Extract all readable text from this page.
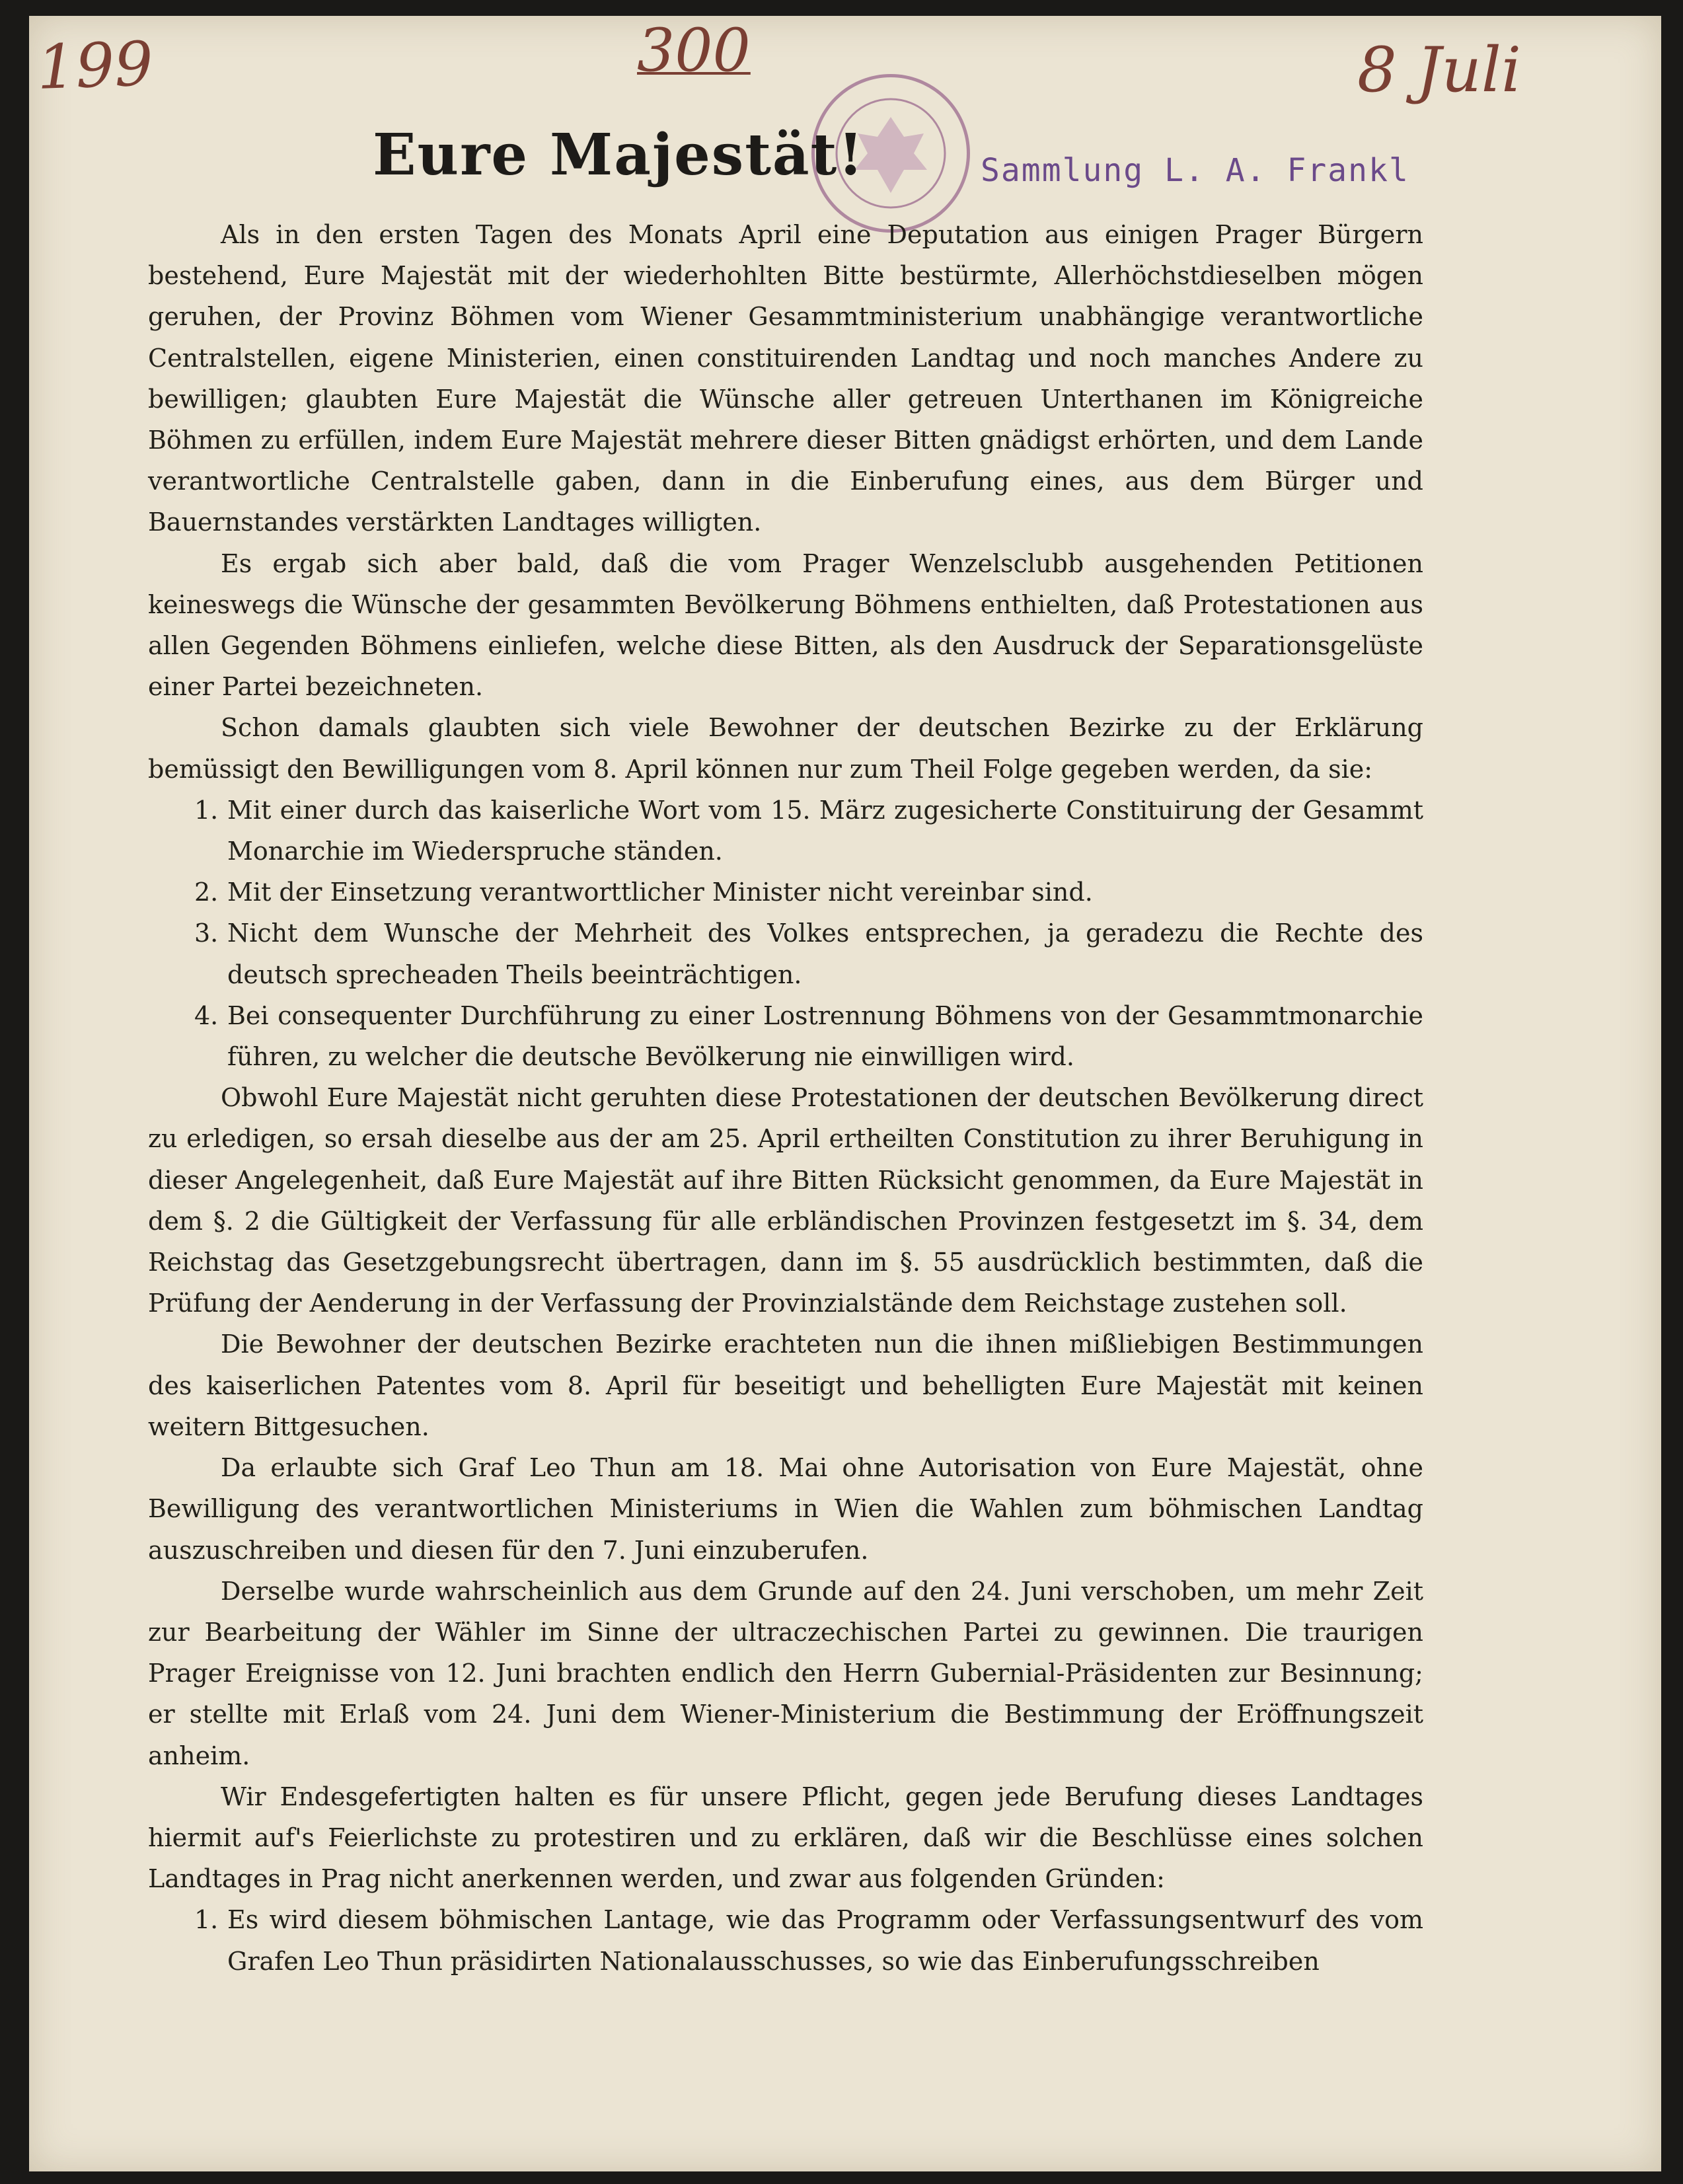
199	300	8 Juli
Sammlung L. A. Frankl
Eure Majestät!

Als in den ersten Tagen des Monats April eine Deputation aus einigen Prager Bürgern bestehend, Eure Majestät mit der wiederhohlten Bitte bestürmte, Allerhöchstdieselben mögen geruhen, der Provinz Böhmen vom Wiener Gesammtministerium unabhängige verantwortliche Centralstellen, eigene Ministerien, einen constituirenden Landtag und noch manches Andere zu bewilligen; glaubten Eure Majestät die Wünsche aller getreuen Unterthanen im Königreiche Böhmen zu erfüllen, indem Eure Majestät mehrere dieser Bitten gnädigst erhörten, und dem Lande verantwortliche Centralstelle gaben, dann in die Einberufung eines, aus dem Bürger und Bauernstandes verstärkten Landtages willigten.

Es ergab sich aber bald, daß die vom Prager Wenzelsclubb ausgehenden Petitionen keineswegs die Wünsche der gesammten Bevölkerung Böhmens enthielten, daß Protestationen aus allen Gegenden Böhmens einliefen, welche diese Bitten, als den Ausdruck der Separationsgelüste einer Partei bezeichneten.

Schon damals glaubten sich viele Bewohner der deutschen Bezirke zu der Erklärung bemüssigt den Bewilligungen vom 8. April können nur zum Theil Folge gegeben werden, da sie:

1. Mit einer durch das kaiserliche Wort vom 15. März zugesicherte Constituirung der Gesammt Monarchie im Wiederspruche ständen.

2. Mit der Einsetzung verantworttlicher Minister nicht vereinbar sind.

3. Nicht dem Wunsche der Mehrheit des Volkes entsprechen, ja geradezu die Rechte des deutsch sprecheaden Theils beeinträchtigen.

4. Bei consequenter Durchführung zu einer Lostrennung Böhmens von der Gesammtmonarchie führen, zu welcher die deutsche Bevölkerung nie einwilligen wird.

Obwohl Eure Majestät nicht geruhten diese Protestationen der deutschen Bevölkerung direct zu erledigen, so ersah dieselbe aus der am 25. April ertheilten Constitution zu ihrer Beruhigung in dieser Angelegenheit, daß Eure Majestät auf ihre Bitten Rücksicht genommen, da Eure Majestät in dem §. 2 die Gültigkeit der Verfassung für alle erbländischen Provinzen festgesetzt im §. 34, dem Reichstag das Gesetzgebungsrecht übertragen, dann im §. 55 ausdrücklich bestimmten, daß die Prüfung der Aenderung in der Verfassung der Provinzialstände dem Reichstage zustehen soll.

Die Bewohner der deutschen Bezirke erachteten nun die ihnen mißliebigen Bestimmungen des kaiserlichen Patentes vom 8. April für beseitigt und behelligten Eure Majestät mit keinen weitern Bittgesuchen.

Da erlaubte sich Graf Leo Thun am 18. Mai ohne Autorisation von Eure Majestät, ohne Bewilligung des verantwortlichen Ministeriums in Wien die Wahlen zum böhmischen Landtag auszuschreiben und diesen für den 7. Juni einzuberufen.

Derselbe wurde wahrscheinlich aus dem Grunde auf den 24. Juni verschoben, um mehr Zeit zur Bearbeitung der Wähler im Sinne der ultraczechischen Partei zu gewinnen. Die traurigen Prager Ereignisse von 12. Juni brachten endlich den Herrn Gubernial-Präsidenten zur Besinnung; er stellte mit Erlaß vom 24. Juni dem Wiener-Ministerium die Bestimmung der Eröffnungszeit anheim.

Wir Endesgefertigten halten es für unsere Pflicht, gegen jede Berufung dieses Landtages hiermit auf's Feierlichste zu protestiren und zu erklären, daß wir die Beschlüsse eines solchen Landtages in Prag nicht anerkennen werden, und zwar aus folgenden Gründen:

1. Es wird diesem böhmischen Lantage, wie das Programm oder Verfassungsentwurf des vom Grafen Leo Thun präsidirten Nationalausschusses, so wie das Einberufungsschreiben
